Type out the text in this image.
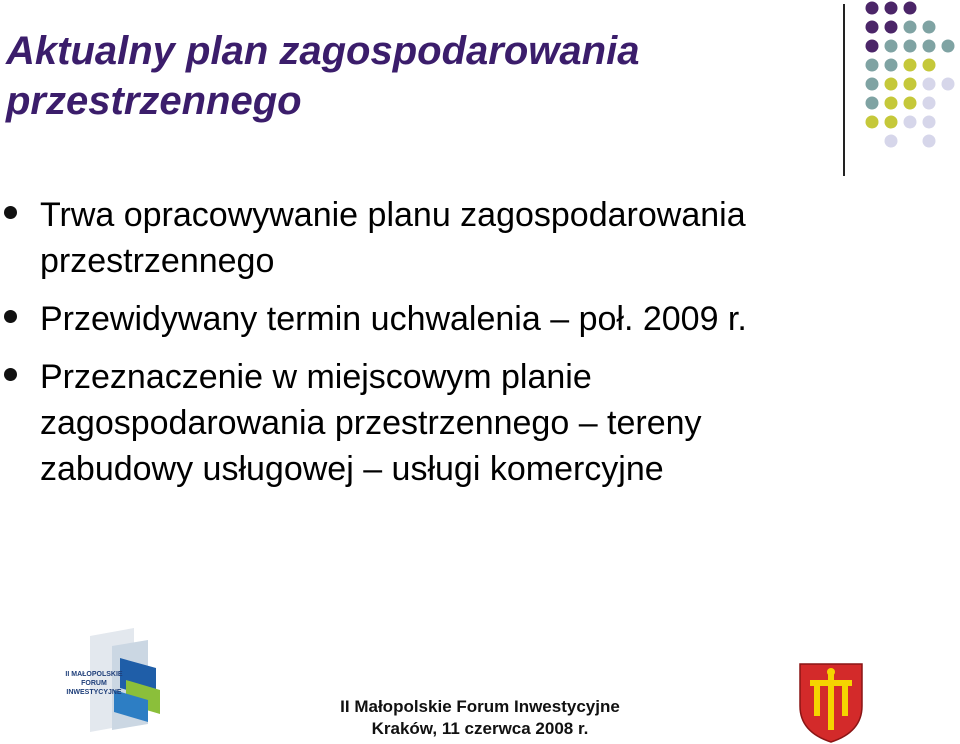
Aktualny plan zagospodarowania
przestrzennego
Trwa opracowywanie planu zagospodarowania
przestrzennego
Przewidywany termin uchwalenia – poł. 2009 r.
Przeznaczenie w miejscowym planie
zagospodarowania przestrzennego – tereny
zabudowy usługowej – usługi komercyjne
II MAŁOPOLSKIE
FORUM
INWESTYCYJNE
II Małopolskie Forum Inwestycyjne
Kraków, 11 czerwca 2008 r.
